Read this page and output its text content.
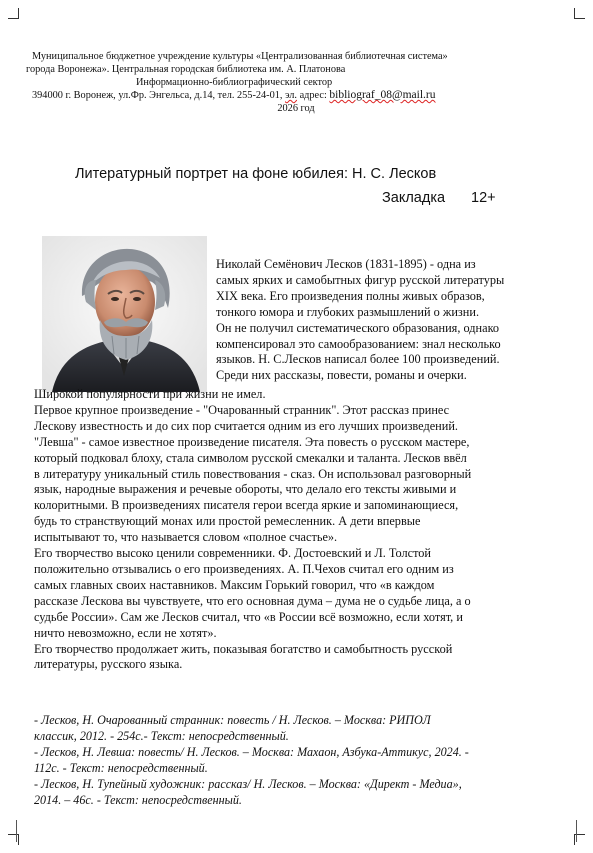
Муниципальное бюджетное учреждение культуры «Централизованная библиотечная система»
города Воронежа». Центральная городская библиотека им. А. Платонова
Информационно-библиографический сектор
394000 г. Воронеж, ул.Фр. Энгельса, д.14, тел. 255-24-01, эл. адрес: bibliograf_08@mail.ru
2026 год
Литературный портрет на фоне юбилея: Н. С. Лесков
Закладка 12+
Николай Семёнович Лесков (1831-1895) - одна из
самых ярких и самобытных фигур русской литературы
XIX века. Его произведения полны живых образов,
тонкого юмора и глубоких размышлений о жизни.
Он не получил систематического образования, однако
компенсировал это самообразованием: знал несколько
языков. Н. С.Лесков написал более 100 произведений.
Среди них рассказы, повести, романы и очерки.
Широкой популярности при жизни не имел.
Первое крупное произведение - "Очарованный странник". Этот рассказ принес
Лескову известность и до сих пор считается одним из его лучших произведений.
"Левша" - самое известное произведение писателя. Эта повесть о русском мастере,
который подковал блоху, стала символом русской смекалки и таланта. Лесков ввёл
в литературу уникальный стиль повествования - сказ. Он использовал разговорный
язык, народные выражения и речевые обороты, что делало его тексты живыми и
колоритными. В произведениях писателя герои всегда яркие и запоминающиеся,
будь то странствующий монах или простой ремесленник. А дети впервые
испытывают то, что называется словом «полное счастье».
Его творчество высоко ценили современники. Ф. Достоевский и Л. Толстой
положительно отзывались о его произведениях. А. П.Чехов считал его одним из
самых главных своих наставников. Максим Горький говорил, что «в каждом
рассказе Лескова вы чувствуете, что его основная дума – дума не о судьбе лица, а о
судьбе России». Сам же Лесков считал, что «в России всё возможно, если хотят, и
ничто невозможно, если не хотят».
Его творчество продолжает жить, показывая богатство и самобытность русской
литературы, русского языка.
- Лесков, Н. Очарованный странник: повесть / Н. Лесков. – Москва: РИПОЛ
классик, 2012. - 254с.- Текст: непосредственный.
- Лесков, Н. Левша: повесть/ Н. Лесков. – Москва: Махаон, Азбука-Аттикус, 2024. -
112с. - Текст: непосредственный.
- Лесков, Н. Тупейный художник: рассказ/ Н. Лесков. – Москва: «Директ - Медиа»,
2014. – 46с. - Текст: непосредственный.
